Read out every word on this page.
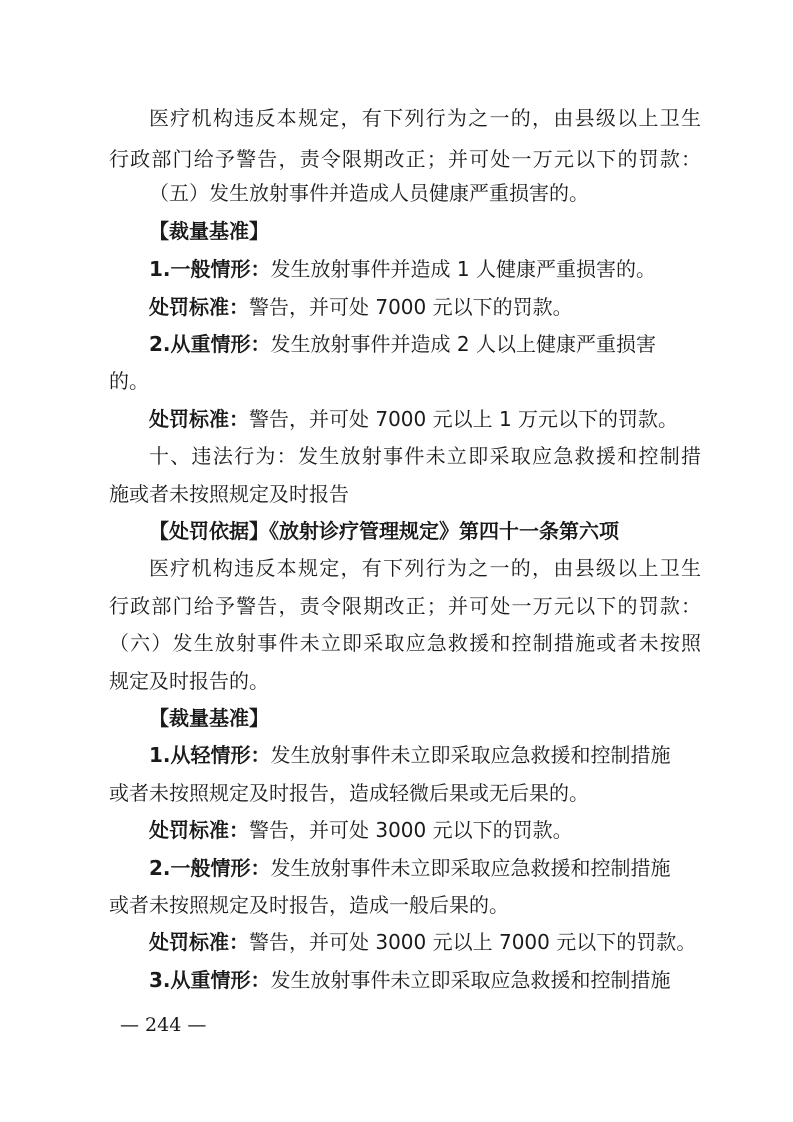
医疗机构违反本规定，有下列行为之一的，由县级以上卫生
行政部门给予警告，责令限期改正；并可处一万元以下的罚款：
（五）发生放射事件并造成人员健康严重损害的。
【裁量基准】
1.一般情形：发生放射事件并造成 1 人健康严重损害的。
处罚标准：警告，并可处 7000 元以下的罚款。
2.从重情形：发生放射事件并造成 2 人以上健康严重损害
的。
处罚标准：警告，并可处 7000 元以上 1 万元以下的罚款。
十、违法行为：发生放射事件未立即采取应急救援和控制措
施或者未按照规定及时报告
【处罚依据】《放射诊疗管理规定》第四十一条第六项
医疗机构违反本规定，有下列行为之一的，由县级以上卫生
行政部门给予警告，责令限期改正；并可处一万元以下的罚款：
（六）发生放射事件未立即采取应急救援和控制措施或者未按照
规定及时报告的。
【裁量基准】
1.从轻情形：发生放射事件未立即采取应急救援和控制措施
或者未按照规定及时报告，造成轻微后果或无后果的。
处罚标准：警告，并可处 3000 元以下的罚款。
2.一般情形：发生放射事件未立即采取应急救援和控制措施
或者未按照规定及时报告，造成一般后果的。
处罚标准：警告，并可处 3000 元以上 7000 元以下的罚款。
3.从重情形：发生放射事件未立即采取应急救援和控制措施
— 244 —
